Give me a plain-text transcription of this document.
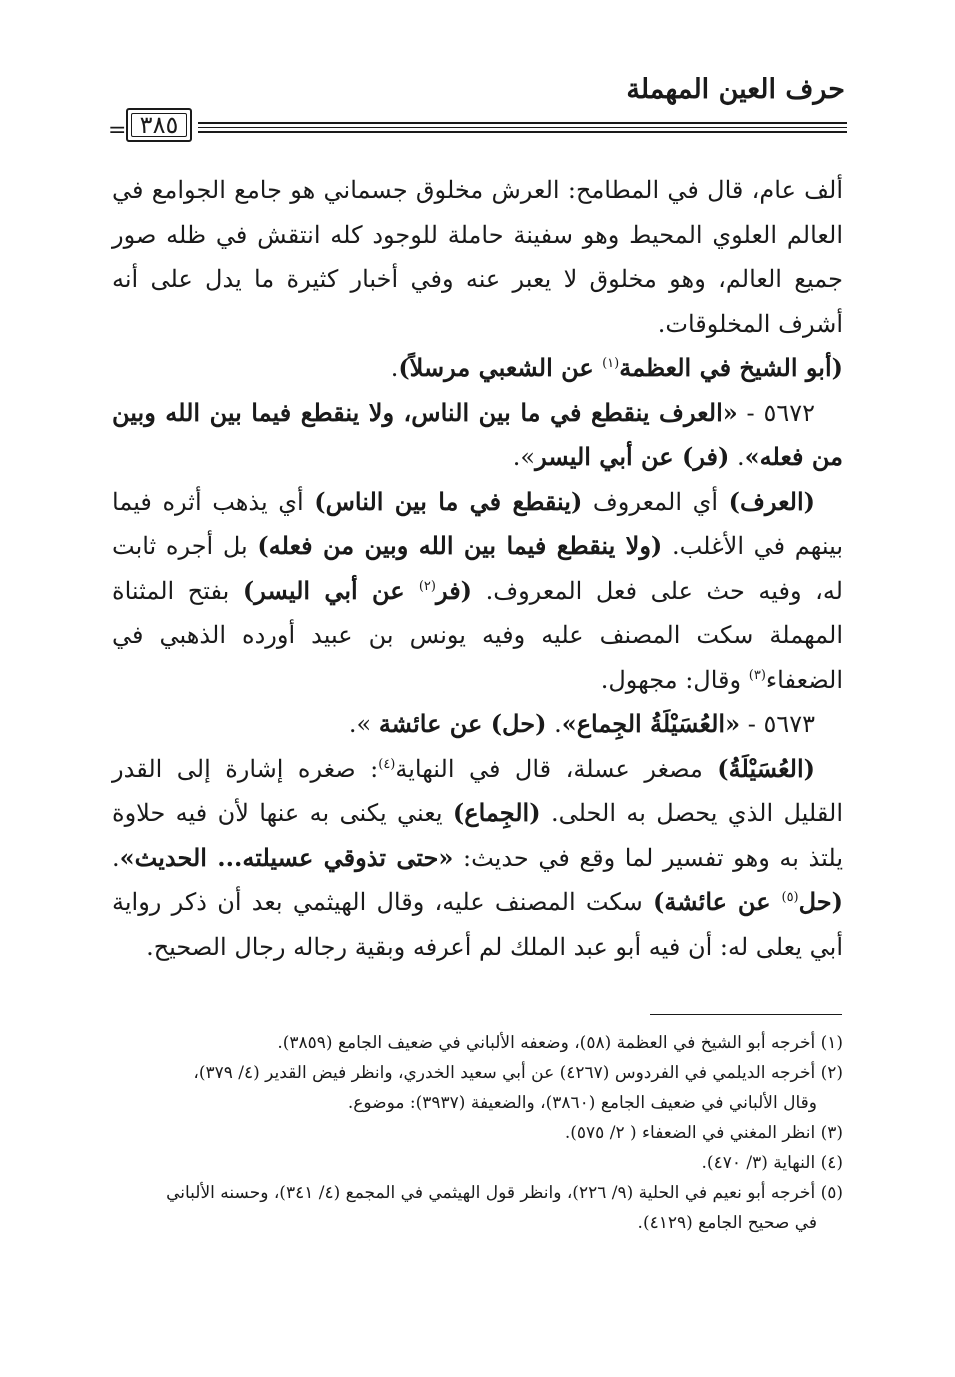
حرف العين المهملة
= ٣٨٥

ألف عام، قال في المطامح: العرش مخلوق جسماني هو جامع الجوامع في العالم العلوي المحيط وهو سفينة حاملة للوجود كله انتقش في ظله صور جميع العالم، وهو مخلوق لا يعبر عنه وفي أخبار كثيرة ما يدل على أنه أشرف المخلوقات.

(أبو الشيخ في العظمة$^{(١)}$ عن الشعبي مرسلاً).

٥٦٧٢ - «العرف ينقطع في ما بين الناس، ولا ينقطع فيما بين الله وبين من فعله». (فر) عن أبي اليسر».

(العرف) أي المعروف (ينقطع في ما بين الناس) أي يذهب أثره فيما بينهم في الأغلب. (ولا ينقطع فيما بين الله وبين من فعله) بل أجره ثابت له، وفيه حث على فعل المعروف. (فر$^{(٢)}$ عن أبي اليسر) بفتح المثناة المهملة سكت المصنف عليه وفيه يونس بن عبيد أورده الذهبي في الضعفاء$^{(٣)}$ وقال: مجهول.

٥٦٧٣ - «العُسَيْلَةُ الجِماع». (حل) عن عائشة ».

(العُسَيْلَةُ) مصغر عسلة، قال في النهاية$^{(٤)}$: صغره إشارة إلى القدر القليل الذي يحصل به الحلى. (الجِماع) يعني يكنى به عنها لأن فيه حلاوة يلتذ به وهو تفسير لما وقع في حديث: «حتى تذوقي عسيلته... الحديث». (حل$^{(٥)}$ عن عائشة) سكت المصنف عليه، وقال الهيثمي بعد أن ذكر رواية أبي يعلى له: أن فيه أبو عبد الملك لم أعرفه وبقية رجاله رجال الصحيح.

(١) أخرجه أبو الشيخ في العظمة (٥٨)، وضعفه الألباني في ضعيف الجامع (٣٨٥٩).

(٢) أخرجه الديلمي في الفردوس (٤٢٦٧) عن أبي سعيد الخدري، وانظر فيض القدير (٤/ ٣٧٩)،

وقال الألباني في ضعيف الجامع (٣٨٦٠)، والضعيفة (٣٩٣٧): موضوع.

(٣) انظر المغني في الضعفاء ( ٢/ ٥٧٥).

(٤) النهاية (٣/ ٤٧٠).

(٥) أخرجه أبو نعيم في الحلية (٩/ ٢٢٦)، وانظر قول الهيثمي في المجمع (٤/ ٣٤١)، وحسنه الألباني

في صحيح الجامع (٤١٢٩).
